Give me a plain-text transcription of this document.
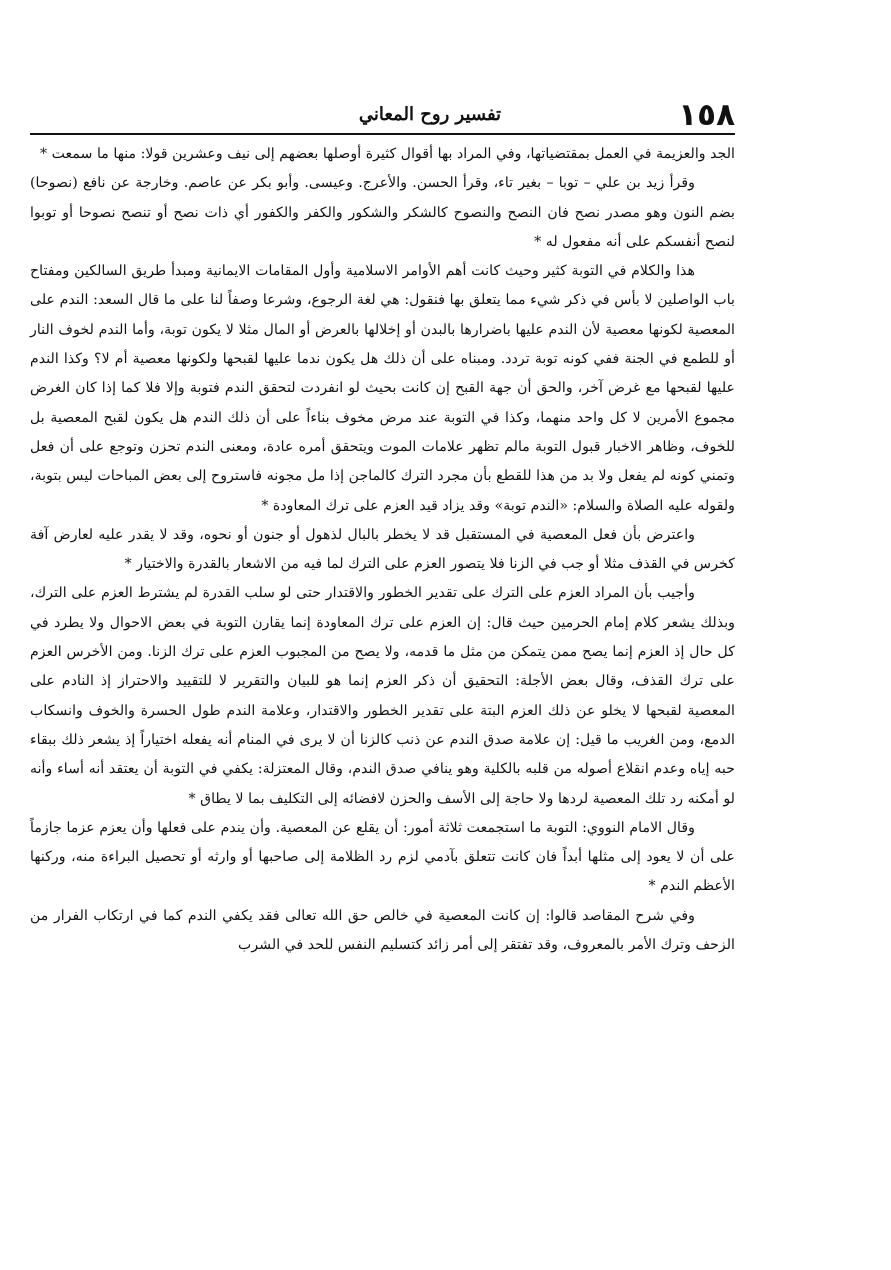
تفسير روح المعاني	١٥٨

الجد والعزيمة في العمل بمقتضياتها، وفي المراد بها أقوال كثيرة أوصلها بعضهم إلى نيف وعشرين قولا: منها ما سمعت *

وقرأ زيد بن علي – توبا – بغير تاء، وقرأ الحسن. والأعرج. وعيسى. وأبو بكر عن عاصم. وخارجة عن نافع (نصوحا) بضم النون وهو مصدر نصح فان النصح والنصوح كالشكر والشكور والكفر والكفور أي ذات نصح أو تنصح نصوحا أو توبوا لنصح أنفسكم على أنه مفعول له *

هذا والكلام في التوبة كثير وحيث كانت أهم الأوامر الاسلامية وأول المقامات الايمانية ومبدأ طريق السالكين ومفتاح باب الواصلين لا بأس في ذكر شيء مما يتعلق بها فنقول: هي لغة الرجوع، وشرعا وصفاً لنا على ما قال السعد: الندم على المعصية لكونها معصية لأن الندم عليها باضرارها بالبدن أو إخلالها بالعرض أو المال مثلا لا يكون توبة، وأما الندم لخوف النار أو للطمع في الجنة ففي كونه توبة تردد. ومبناه على أن ذلك هل يكون ندما عليها لقبحها ولكونها معصية أم لا؟ وكذا الندم عليها لقبحها مع غرض آخر، والحق أن جهة القبح إن كانت بحيث لو انفردت لتحقق الندم فتوبة وإلا فلا كما إذا كان الغرض مجموع الأمرين لا كل واحد منهما، وكذا في التوبة عند مرض مخوف بناءاً على أن ذلك الندم هل يكون لقبح المعصية بل للخوف، وظاهر الاخبار قبول التوبة مالم تظهر علامات الموت ويتحقق أمره عادة، ومعنى الندم تحزن وتوجع على أن فعل وتمني كونه لم يفعل ولا بد من هذا للقطع بأن مجرد الترك كالماجن إذا مل مجونه فاستروح إلى بعض المباحات ليس بتوبة، ولقوله عليه الصلاة والسلام: «الندم توبة» وقد يزاد قيد العزم على ترك المعاودة *

واعترض بأن فعل المعصية في المستقبل قد لا يخطر بالبال لذهول أو جنون أو نحوه، وقد لا يقدر عليه لعارض آفة كخرس في القذف مثلا أو جب في الزنا فلا يتصور العزم على الترك لما فيه من الاشعار بالقدرة والاختيار *

وأجيب بأن المراد العزم على الترك على تقدير الخطور والاقتدار حتى لو سلب القدرة لم يشترط العزم على الترك، وبذلك يشعر كلام إمام الحرمين حيث قال: إن العزم على ترك المعاودة إنما يقارن التوبة في بعض الاحوال ولا يطرد في كل حال إذ العزم إنما يصح ممن يتمكن من مثل ما قدمه، ولا يصح من المجبوب العزم على ترك الزنا. ومن الأخرس العزم على ترك القذف، وقال بعض الأجلة: التحقيق أن ذكر العزم إنما هو للبيان والتقرير لا للتقييد والاحتراز إذ النادم على المعصية لقبحها لا يخلو عن ذلك العزم البتة على تقدير الخطور والاقتدار، وعلامة الندم طول الحسرة والخوف وانسكاب الدمع، ومن الغريب ما قيل: إن علامة صدق الندم عن ذنب كالزنا أن لا يرى في المنام أنه يفعله اختياراً إذ يشعر ذلك ببقاء حبه إياه وعدم انقلاع أصوله من قلبه بالكلية وهو ينافي صدق الندم، وقال المعتزلة: يكفي في التوبة أن يعتقد أنه أساء وأنه لو أمكنه رد تلك المعصية لردها ولا حاجة إلى الأسف والحزن لافضائه إلى التكليف بما لا يطاق *

وقال الامام النووي: التوبة ما استجمعت ثلاثة أمور: أن يقلع عن المعصية. وأن يندم على فعلها وأن يعزم عزما جازماً على أن لا يعود إلى مثلها أبداً فان كانت تتعلق بآدمي لزم رد الظلامة إلى صاحبها أو وارثه أو تحصيل البراءة منه، وركنها الأعظم الندم *

وفي شرح المقاصد قالوا: إن كانت المعصية في خالص حق الله تعالى فقد يكفي الندم كما في ارتكاب الفرار من الزحف وترك الأمر بالمعروف، وقد تفتقر إلى أمر زائد كتسليم النفس للحد في الشرب
